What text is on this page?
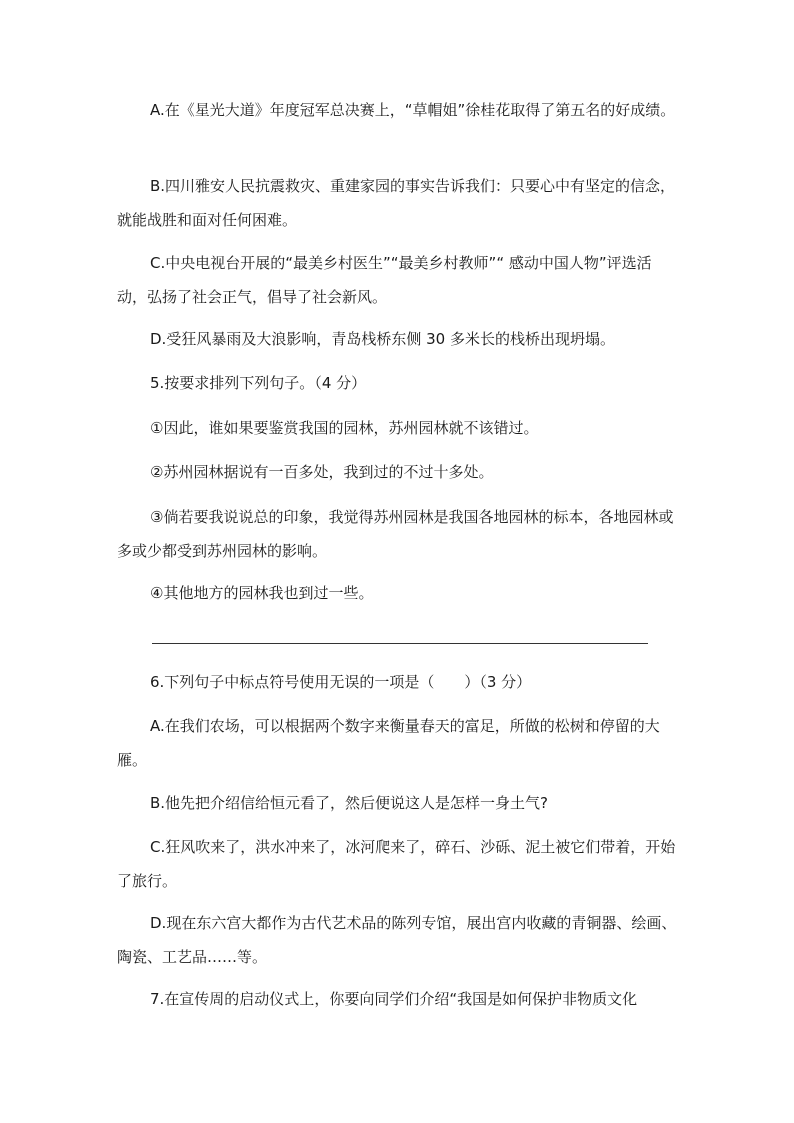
A.在《星光大道》年度冠军总决赛上，“草帽姐”徐桂花取得了第五名的好成绩。

B.四川雅安人民抗震救灾、重建家园的事实告诉我们：只要心中有坚定的信念，就能战胜和面对任何困难。

C.中央电视台开展的“最美乡村医生”“最美乡村教师”“ 感动中国人物”评选活动，弘扬了社会正气，倡导了社会新风。

D.受狂风暴雨及大浪影响，青岛栈桥东侧 30 多米长的栈桥出现坍塌。

5.按要求排列下列句子。（4 分）

①因此，谁如果要鉴赏我国的园林，苏州园林就不该错过。

②苏州园林据说有一百多处，我到过的不过十多处。

③倘若要我说说总的印象，我觉得苏州园林是我国各地园林的标本，各地园林或多或少都受到苏州园林的影响。

④其他地方的园林我也到过一些。

6.下列句子中标点符号使用无误的一项是（　　）（3 分）

A.在我们农场，可以根据两个数字来衡量春天的富足，所做的松树和停留的大雁。

B.他先把介绍信给恒元看了，然后便说这人是怎样一身土气?

C.狂风吹来了，洪水冲来了，冰河爬来了，碎石、沙砾、泥土被它们带着，开始了旅行。

D.现在东六宫大都作为古代艺术品的陈列专馆，展出宫内收藏的青铜器、绘画、陶瓷、工艺品……等。

7.在宣传周的启动仪式上，你要向同学们介绍“我国是如何保护非物质文化
